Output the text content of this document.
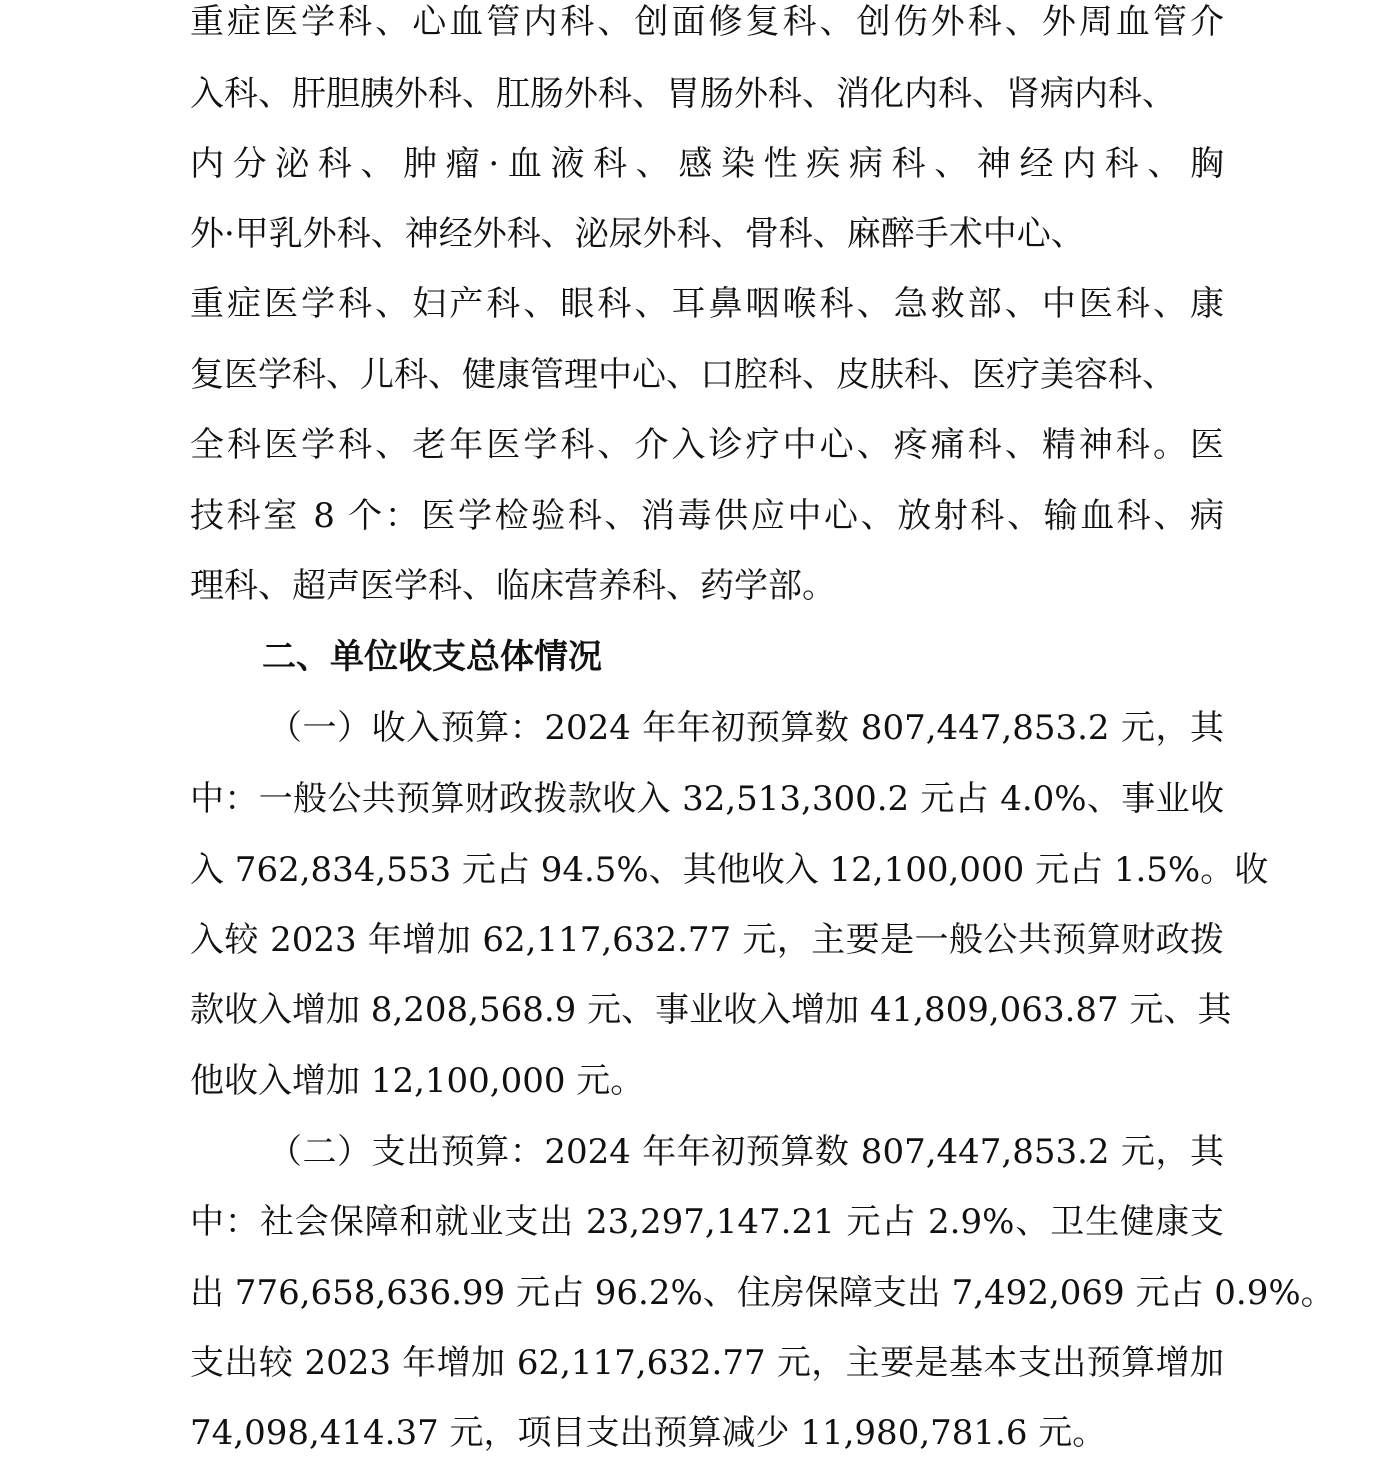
重症医学科、心血管内科、创面修复科、创伤外科、外周血管介
入科、肝胆胰外科、肛肠外科、胃肠外科、消化内科、肾病内科、
内分泌科、肿瘤·血液科、感染性疾病科、神经内科、胸
外·甲乳外科、神经外科、泌尿外科、骨科、麻醉手术中心、
重症医学科、妇产科、眼科、耳鼻咽喉科、急救部、中医科、康
复医学科、儿科、健康管理中心、口腔科、皮肤科、医疗美容科、
全科医学科、老年医学科、介入诊疗中心、疼痛科、精神科。医
技科室 8 个：医学检验科、消毒供应中心、放射科、输血科、病
理科、超声医学科、临床营养科、药学部。
二、单位收支总体情况
（一）收入预算：2024 年年初预算数 807,447,853.2 元，其
中：一般公共预算财政拨款收入 32,513,300.2 元占 4.0%、事业收
入 762,834,553 元占 94.5%、其他收入 12,100,000 元占 1.5%。收
入较 2023 年增加 62,117,632.77 元，主要是一般公共预算财政拨
款收入增加 8,208,568.9 元、事业收入增加 41,809,063.87 元、其
他收入增加 12,100,000 元。
（二）支出预算：2024 年年初预算数 807,447,853.2 元，其
中：社会保障和就业支出 23,297,147.21 元占 2.9%、卫生健康支
出 776,658,636.99 元占 96.2%、住房保障支出 7,492,069 元占 0.9%。
支出较 2023 年增加 62,117,632.77 元，主要是基本支出预算增加
74,098,414.37 元，项目支出预算减少 11,980,781.6 元。
